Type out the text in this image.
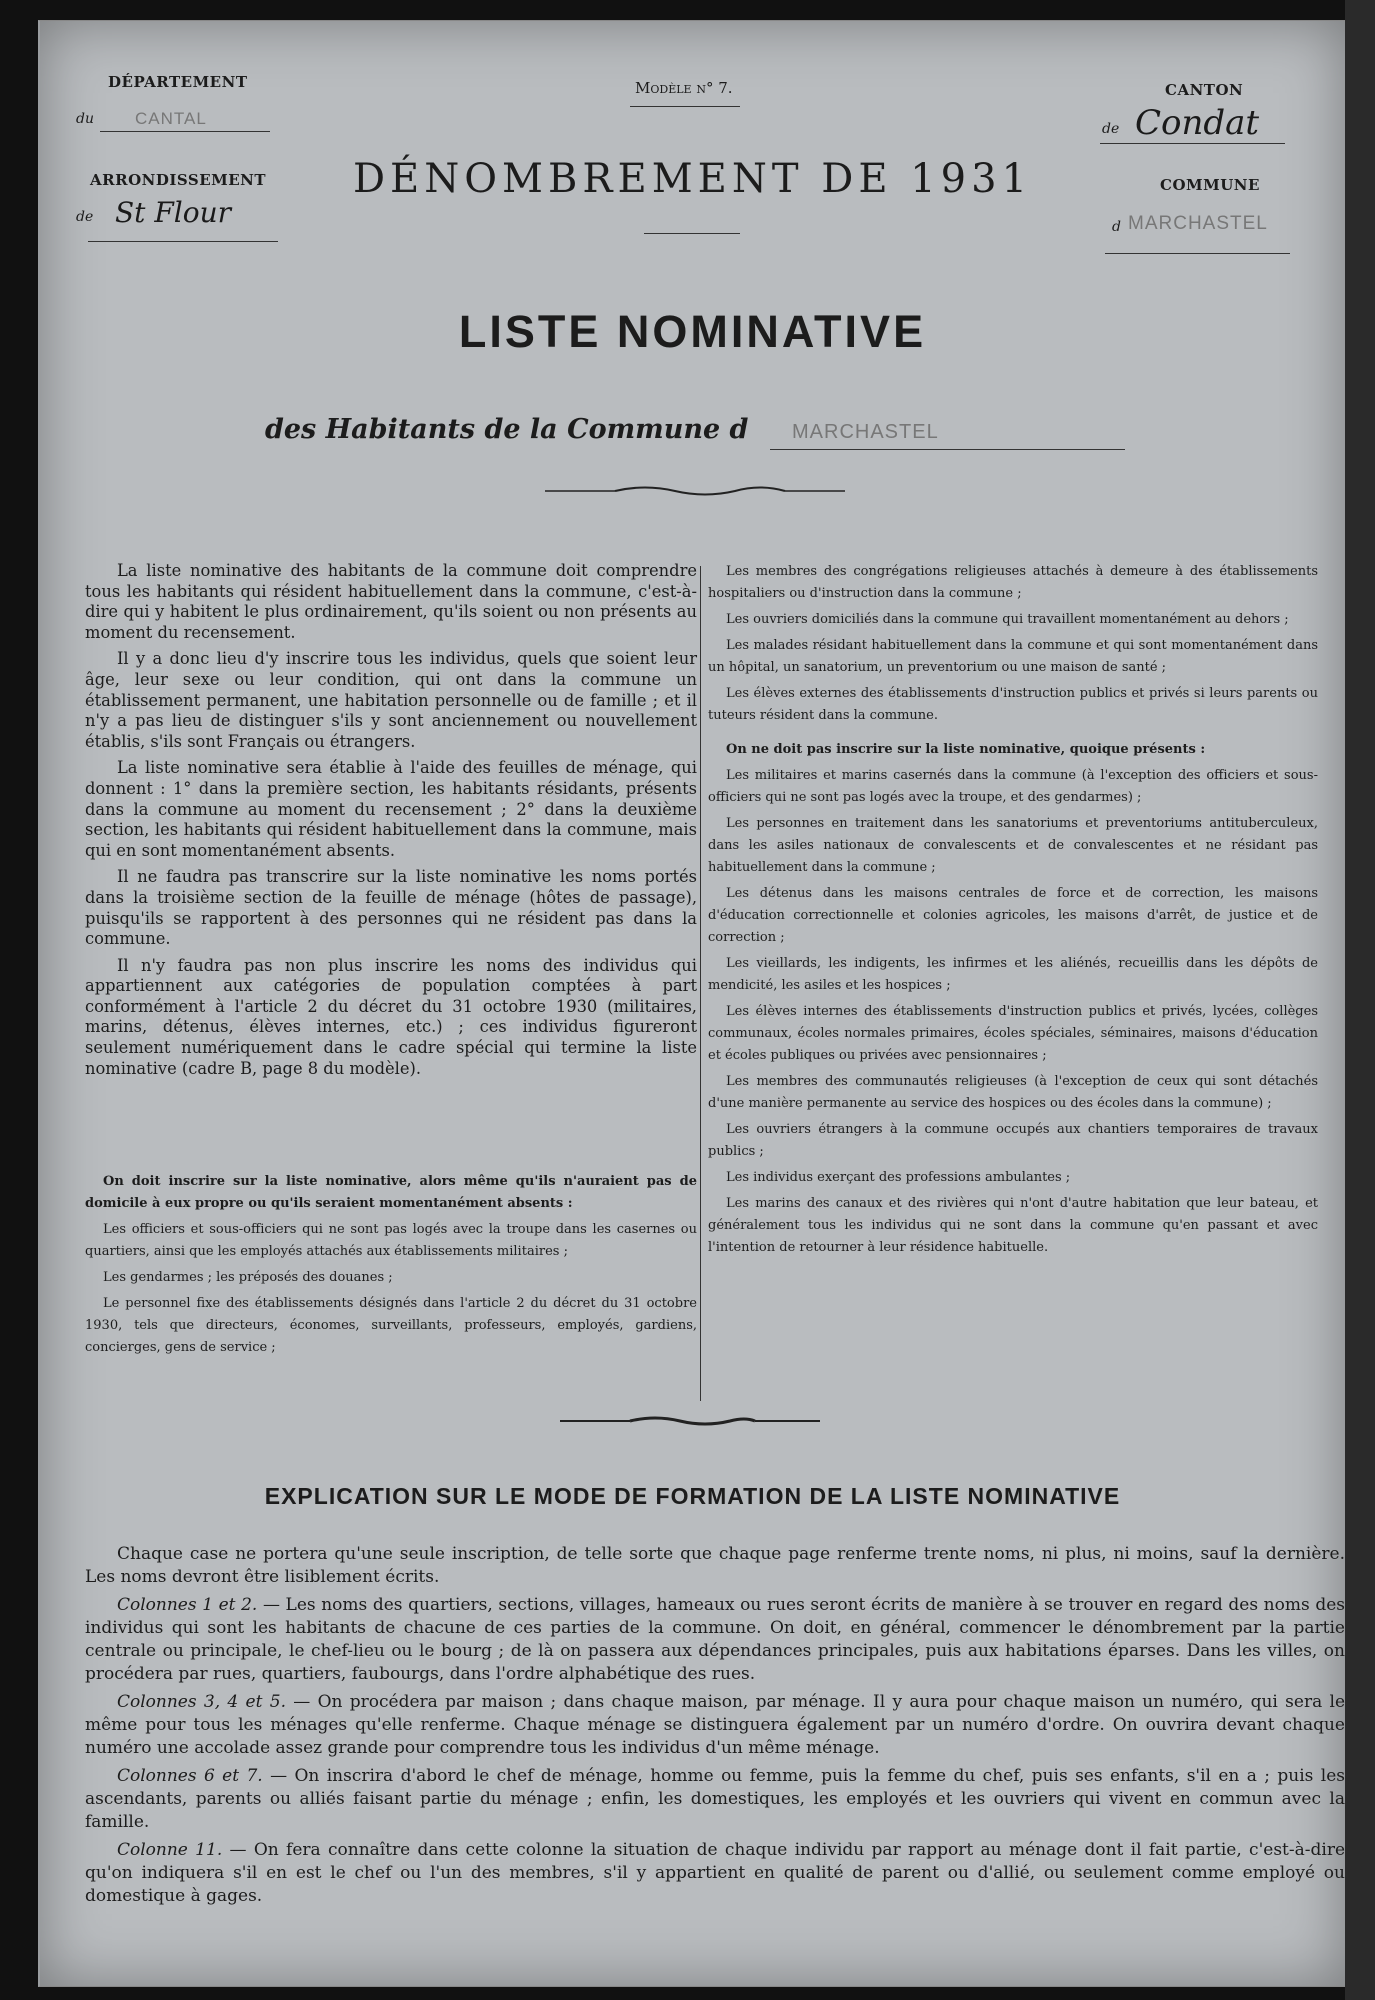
DÉPARTEMENT
du CANTAL
ARRONDISSEMENT
de St Flour
Modèle n° 7.	CANTON
de Condat
COMMUNE
d MARCHASTEL
DÉNOMBREMENT DE 1931
LISTE NOMINATIVE
des Habitants de la Commune d MARCHASTEL

La liste nominative des habitants de la commune doit comprendre tous les habitants qui résident habituellement dans la commune, c'est-à-dire qui y habitent le plus ordinairement, qu'ils soient ou non présents au moment du recensement.

Il y a donc lieu d'y inscrire tous les individus, quels que soient leur âge, leur sexe ou leur condition, qui ont dans la commune un établissement permanent, une habitation personnelle ou de famille ; et il n'y a pas lieu de distinguer s'ils y sont anciennement ou nouvellement établis, s'ils sont Français ou étrangers.

La liste nominative sera établie à l'aide des feuilles de ménage, qui donnent : 1° dans la première section, les habitants résidants, présents dans la commune au moment du recensement ; 2° dans la deuxième section, les habitants qui résident habituellement dans la commune, mais qui en sont momentanément absents.

Il ne faudra pas transcrire sur la liste nominative les noms portés dans la troisième section de la feuille de ménage (hôtes de passage), puisqu'ils se rapportent à des personnes qui ne résident pas dans la commune.

Il n'y faudra pas non plus inscrire les noms des individus qui appartiennent aux catégories de population comptées à part conformément à l'article 2 du décret du 31 octobre 1930 (militaires, marins, détenus, élèves internes, etc.) ; ces individus figureront seulement numériquement dans le cadre spécial qui termine la liste nominative (cadre B, page 8 du modèle).

On doit inscrire sur la liste nominative, alors même qu'ils n'auraient pas de domicile à eux propre ou qu'ils seraient momentanément absents :

Les officiers et sous-officiers qui ne sont pas logés avec la troupe dans les casernes ou quartiers, ainsi que les employés attachés aux établissements militaires ;

Les gendarmes ; les préposés des douanes ;

Le personnel fixe des établissements désignés dans l'article 2 du décret du 31 octobre 1930, tels que directeurs, économes, surveillants, professeurs, employés, gardiens, concierges, gens de service ;

Les membres des congrégations religieuses attachés à demeure à des établissements hospitaliers ou d'instruction dans la commune ;

Les ouvriers domiciliés dans la commune qui travaillent momentanément au dehors ;

Les malades résidant habituellement dans la commune et qui sont momentanément dans un hôpital, un sanatorium, un preventorium ou une maison de santé ;

Les élèves externes des établissements d'instruction publics et privés si leurs parents ou tuteurs résident dans la commune.

On ne doit pas inscrire sur la liste nominative, quoique présents :

Les militaires et marins casernés dans la commune (à l'exception des officiers et sous-officiers qui ne sont pas logés avec la troupe, et des gendarmes) ;

Les personnes en traitement dans les sanatoriums et preventoriums antituberculeux, dans les asiles nationaux de convalescents et de convalescentes et ne résidant pas habituellement dans la commune ;

Les détenus dans les maisons centrales de force et de correction, les maisons d'éducation correctionnelle et colonies agricoles, les maisons d'arrêt, de justice et de correction ;

Les vieillards, les indigents, les infirmes et les aliénés, recueillis dans les dépôts de mendicité, les asiles et les hospices ;

Les élèves internes des établissements d'instruction publics et privés, lycées, collèges communaux, écoles normales primaires, écoles spéciales, séminaires, maisons d'éducation et écoles publiques ou privées avec pensionnaires ;

Les membres des communautés religieuses (à l'exception de ceux qui sont détachés d'une manière permanente au service des hospices ou des écoles dans la commune) ;

Les ouvriers étrangers à la commune occupés aux chantiers temporaires de travaux publics ;

Les individus exerçant des professions ambulantes ;

Les marins des canaux et des rivières qui n'ont d'autre habitation que leur bateau, et généralement tous les individus qui ne sont dans la commune qu'en passant et avec l'intention de retourner à leur résidence habituelle.

EXPLICATION SUR LE MODE DE FORMATION DE LA LISTE NOMINATIVE

Chaque case ne portera qu'une seule inscription, de telle sorte que chaque page renferme trente noms, ni plus, ni moins, sauf la dernière. Les noms devront être lisiblement écrits.

Colonnes 1 et 2. — Les noms des quartiers, sections, villages, hameaux ou rues seront écrits de manière à se trouver en regard des noms des individus qui sont les habitants de chacune de ces parties de la commune. On doit, en général, commencer le dénombrement par la partie centrale ou principale, le chef-lieu ou le bourg ; de là on passera aux dépendances principales, puis aux habitations éparses. Dans les villes, on procédera par rues, quartiers, faubourgs, dans l'ordre alphabétique des rues.

Colonnes 3, 4 et 5. — On procédera par maison ; dans chaque maison, par ménage. Il y aura pour chaque maison un numéro, qui sera le même pour tous les ménages qu'elle renferme. Chaque ménage se distinguera également par un numéro d'ordre. On ouvrira devant chaque numéro une accolade assez grande pour comprendre tous les individus d'un même ménage.

Colonnes 6 et 7. — On inscrira d'abord le chef de ménage, homme ou femme, puis la femme du chef, puis ses enfants, s'il en a ; puis les ascendants, parents ou alliés faisant partie du ménage ; enfin, les domestiques, les employés et les ouvriers qui vivent en commun avec la famille.

Colonne 11. — On fera connaître dans cette colonne la situation de chaque individu par rapport au ménage dont il fait partie, c'est-à-dire qu'on indiquera s'il en est le chef ou l'un des membres, s'il y appartient en qualité de parent ou d'allié, ou seulement comme employé ou domestique à gages.
